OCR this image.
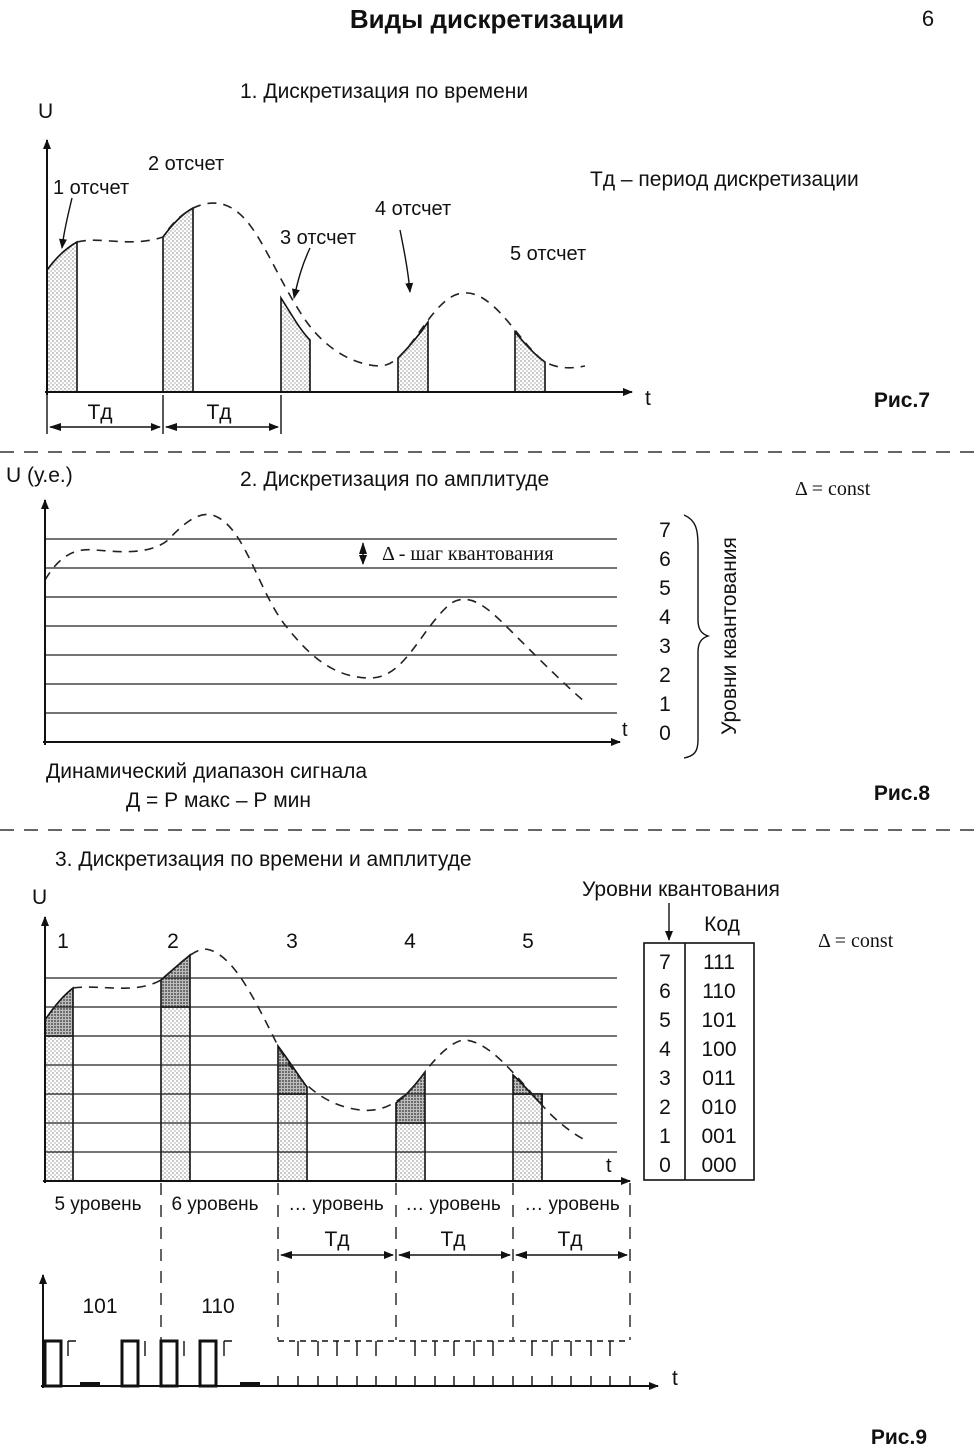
Виды дискретизации	6
1. Дискретизация по времени
U
t
1 отсчет
2 отсчет
3 отсчет
4 отсчет
5 отсчет
Тд – период дискретизации
Тд	Тд
Рис.7
U (у.е.)	2. Дискретизация по амплитуде	Δ = const
t
Δ - шаг квантования
7
6
5
4
3
2
1
0 Уровни квантования
Динамический диапазон сигнала
Д = Р макс – Р мин	Рис.8
3. Дискретизация по времени и амплитуде
U	Уровни квантования
Код
Δ = const
1	2	3	4	5
t
7 111
6 110
5 101
4 100
3 011
2 010
1 001
0 000
5 уровень 6 уровень … уровень … уровень … уровень
Тд	Тд	Тд
101	110
t
Рис.9
